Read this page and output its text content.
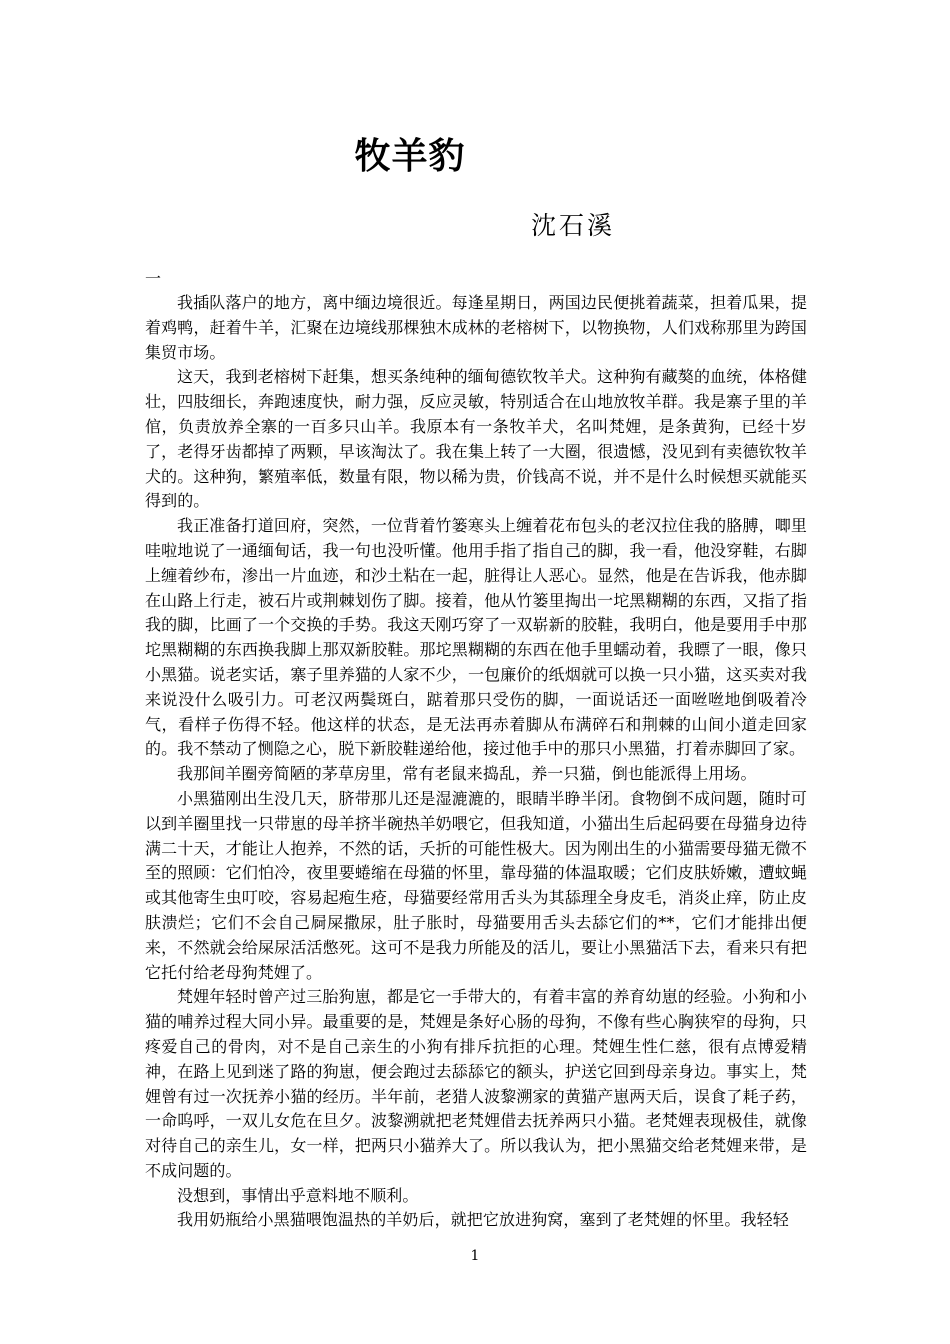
牧羊豹
沈石溪
一

我插队落户的地方，离中缅边境很近。每逢星期日，两国边民便挑着蔬菜，担着瓜果，提着鸡鸭，赶着牛羊，汇聚在边境线那棵独木成林的老榕树下，以物换物，人们戏称那里为跨国集贸市场。

这天，我到老榕树下赶集，想买条纯种的缅甸德钦牧羊犬。这种狗有藏獒的血统，体格健壮，四肢细长，奔跑速度快，耐力强，反应灵敏，特别适合在山地放牧羊群。我是寨子里的羊倌，负责放养全寨的一百多只山羊。我原本有一条牧羊犬，名叫梵娌，是条黄狗，已经十岁了，老得牙齿都掉了两颗，早该淘汰了。我在集上转了一大圈，很遗憾，没见到有卖德钦牧羊犬的。这种狗，繁殖率低，数量有限，物以稀为贵，价钱高不说，并不是什么时候想买就能买得到的。

我正准备打道回府，突然，一位背着竹篓寒头上缠着花布包头的老汉拉住我的胳膊，唧里哇啦地说了一通缅甸话，我一句也没听懂。他用手指了指自己的脚，我一看，他没穿鞋，右脚上缠着纱布，渗出一片血迹，和沙土粘在一起，脏得让人恶心。显然，他是在告诉我，他赤脚在山路上行走，被石片或荆棘划伤了脚。接着，他从竹篓里掏出一坨黑糊糊的东西，又指了指我的脚，比画了一个交换的手势。我这天刚巧穿了一双崭新的胶鞋，我明白，他是要用手中那坨黑糊糊的东西换我脚上那双新胶鞋。那坨黑糊糊的东西在他手里蠕动着，我瞟了一眼，像只小黑猫。说老实话，寨子里养猫的人家不少，一包廉价的纸烟就可以换一只小猫，这买卖对我来说没什么吸引力。可老汉两鬓斑白，踮着那只受伤的脚，一面说话还一面咝咝地倒吸着冷气，看样子伤得不轻。他这样的状态，是无法再赤着脚从布满碎石和荆棘的山间小道走回家的。我不禁动了恻隐之心，脱下新胶鞋递给他，接过他手中的那只小黑猫，打着赤脚回了家。

我那间羊圈旁简陋的茅草房里，常有老鼠来捣乱，养一只猫，倒也能派得上用场。

小黑猫刚出生没几天，脐带那儿还是湿漉漉的，眼睛半睁半闭。食物倒不成问题，随时可以到羊圈里找一只带崽的母羊挤半碗热羊奶喂它，但我知道，小猫出生后起码要在母猫身边待满二十天，才能让人抱养，不然的话，夭折的可能性极大。因为刚出生的小猫需要母猫无微不至的照顾：它们怕冷，夜里要蜷缩在母猫的怀里，靠母猫的体温取暖；它们皮肤娇嫩，遭蚊蝇或其他寄生虫叮咬，容易起疱生疮，母猫要经常用舌头为其舔理全身皮毛，消炎止痒，防止皮肤溃烂；它们不会自己屙屎撒尿，肚子胀时，母猫要用舌头去舔它们的**，它们才能排出便来，不然就会给屎尿活活憋死。这可不是我力所能及的活儿，要让小黑猫活下去，看来只有把它托付给老母狗梵娌了。

梵娌年轻时曾产过三胎狗崽，都是它一手带大的，有着丰富的养育幼崽的经验。小狗和小猫的哺养过程大同小异。最重要的是，梵娌是条好心肠的母狗，不像有些心胸狭窄的母狗，只疼爱自己的骨肉，对不是自己亲生的小狗有排斥抗拒的心理。梵娌生性仁慈，很有点博爱精神，在路上见到迷了路的狗崽，便会跑过去舔舔它的额头，护送它回到母亲身边。事实上，梵娌曾有过一次抚养小猫的经历。半年前，老猎人波黎溯家的黄猫产崽两天后，误食了耗子药，一命呜呼，一双儿女危在旦夕。波黎溯就把老梵娌借去抚养两只小猫。老梵娌表现极佳，就像对待自己的亲生儿，女一样，把两只小猫养大了。所以我认为，把小黑猫交给老梵娌来带，是不成问题的。

没想到，事情出乎意料地不顺利。

我用奶瓶给小黑猫喂饱温热的羊奶后，就把它放进狗窝，塞到了老梵娌的怀里。我轻轻

1
